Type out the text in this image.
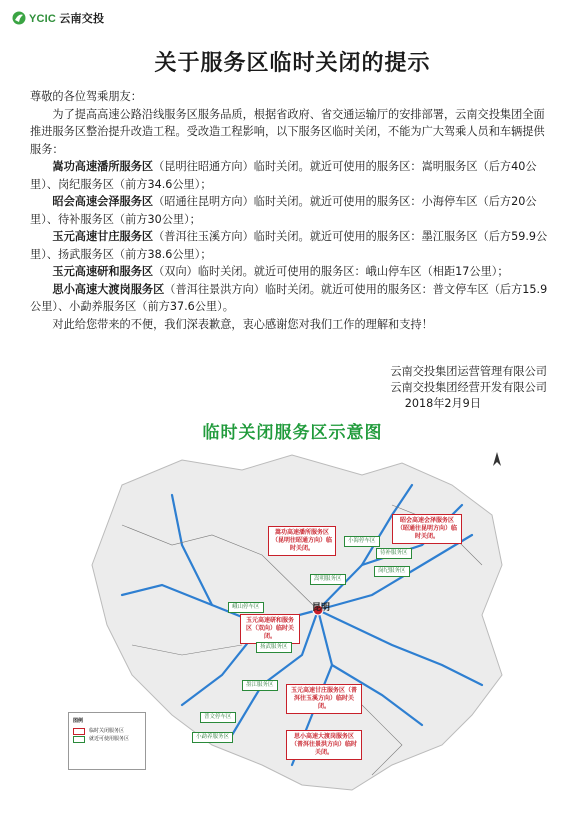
YCIC 云南交投
关于服务区临时关闭的提示

尊敬的各位驾乘朋友：

为了提高高速公路沿线服务区服务品质，根据省政府、省交通运输厅的安排部署，云南交投集团全面推进服务区整治提升改造工程。受改造工程影响，以下服务区临时关闭，不能为广大驾乘人员和车辆提供服务：

嵩功高速潘所服务区（昆明往昭通方向）临时关闭。就近可使用的服务区：嵩明服务区（后方40公里）、岗纪服务区（前方34.6公里）；

昭会高速会泽服务区（昭通往昆明方向）临时关闭。就近可使用的服务区：小海停车区（后方20公里）、待补服务区（前方30公里）；

玉元高速甘庄服务区（普洱往玉溪方向）临时关闭。就近可使用的服务区：墨江服务区（后方59.9公里）、扬武服务区（前方38.6公里）；

玉元高速研和服务区（双向）临时关闭。就近可使用的服务区：峨山停车区（相距17公里）；

思小高速大渡岗服务区（普洱往景洪方向）临时关闭。就近可使用的服务区：普文停车区（后方15.9公里）、小勐养服务区（前方37.6公里）。

对此给您带来的不便，我们深表歉意，衷心感谢您对我们工作的理解和支持！

云南交投集团运营管理有限公司
云南交投集团经营开发有限公司
2018年2月9日
临时关闭服务区示意图
昆明
嵩功高速潘所服务区（昆明往昭通方向）临时关闭。
昭会高速会泽服务区（昭通往昆明方向）临时关闭。
玉元高速研和服务区（双向）临时关闭。
玉元高速甘庄服务区（普洱往玉溪方向）临时关闭。
思小高速大渡岗服务区（普洱往景洪方向）临时关闭。
小海停车区
待补服务区
嵩明服务区
岗纪服务区
峨山停车区
扬武服务区
墨江服务区
普文停车区
小勐养服务区
图例
临时关闭服务区
就近可使用服务区
